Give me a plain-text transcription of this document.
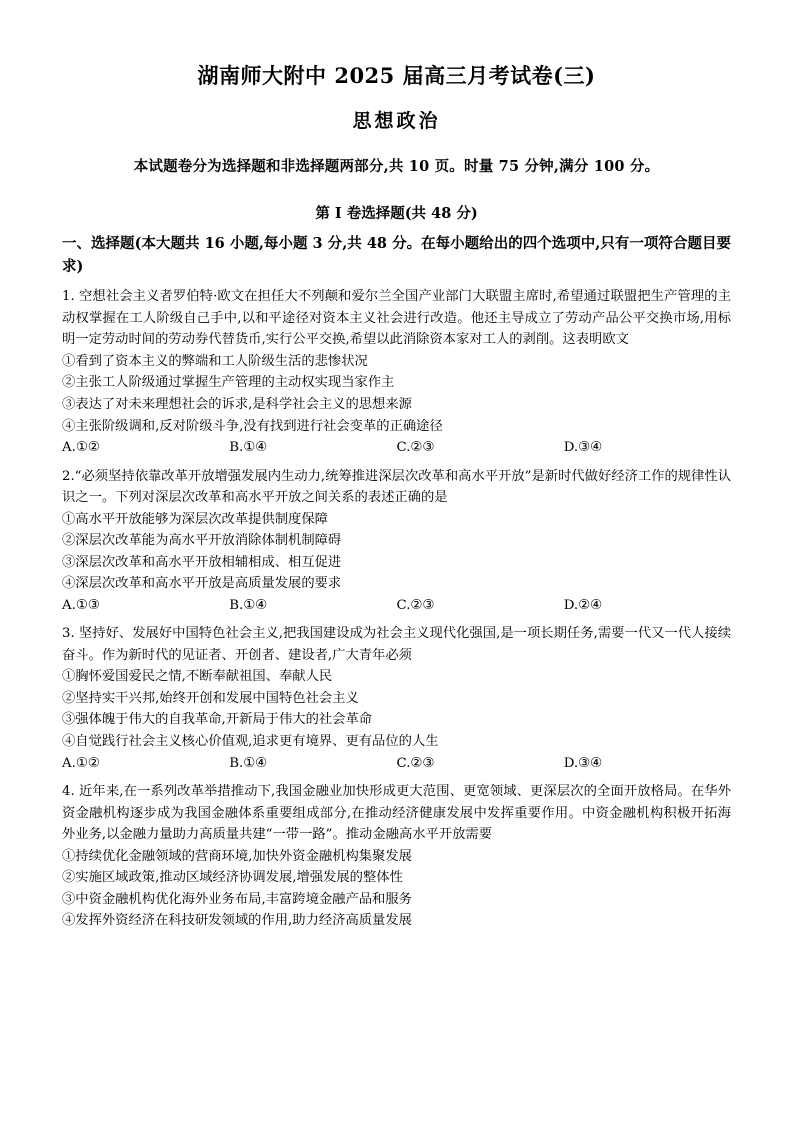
湖南师大附中 2025 届高三月考试卷(三)
思想政治
本试题卷分为选择题和非选择题两部分,共 10 页。时量 75 分钟,满分 100 分。
第 I 卷选择题(共 48 分)
一、选择题(本大题共 16 小题,每小题 3 分,共 48 分。在每小题给出的四个选项中,只有一项符合题目要求)
1. 空想社会主义者罗伯特·欧文在担任大不列颠和爱尔兰全国产业部门大联盟主席时,希望通过联盟把生产管理的主动权掌握在工人阶级自己手中,以和平途径对资本主义社会进行改造。他还主导成立了劳动产品公平交换市场,用标明一定劳动时间的劳动券代替货币,实行公平交换,希望以此消除资本家对工人的剥削。这表明欧文
①看到了资本主义的弊端和工人阶级生活的悲惨状况
②主张工人阶级通过掌握生产管理的主动权实现当家作主
③表达了对未来理想社会的诉求,是科学社会主义的思想来源
④主张阶级调和,反对阶级斗争,没有找到进行社会变革的正确途径
A.①②	B.①④	C.②③	D.③④
2.“必须坚持依靠改革开放增强发展内生动力,统筹推进深层次改革和高水平开放”是新时代做好经济工作的规律性认识之一。下列对深层次改革和高水平开放之间关系的表述正确的是
①高水平开放能够为深层次改革提供制度保障
②深层次改革能为高水平开放消除体制机制障碍
③深层次改革和高水平开放相辅相成、相互促进
④深层次改革和高水平开放是高质量发展的要求
A.①③	B.①④	C.②③	D.②④
3. 坚持好、发展好中国特色社会主义,把我国建设成为社会主义现代化强国,是一项长期任务,需要一代又一代人接续奋斗。作为新时代的见证者、开创者、建设者,广大青年必须
①胸怀爱国爱民之情,不断奉献祖国、奉献人民
②坚持实干兴邦,始终开创和发展中国特色社会主义
③强体魄于伟大的自我革命,开新局于伟大的社会革命
④自觉践行社会主义核心价值观,追求更有境界、更有品位的人生
A.①②	B.①④	C.②③	D.③④
4. 近年来,在一系列改革举措推动下,我国金融业加快形成更大范围、更宽领域、更深层次的全面开放格局。在华外资金融机构逐步成为我国金融体系重要组成部分,在推动经济健康发展中发挥重要作用。中资金融机构积极开拓海外业务,以金融力量助力高质量共建“一带一路”。推动金融高水平开放需要
①持续优化金融领域的营商环境,加快外资金融机构集聚发展
②实施区域政策,推动区域经济协调发展,增强发展的整体性
③中资金融机构优化海外业务布局,丰富跨境金融产品和服务
④发挥外资经济在科技研发领域的作用,助力经济高质量发展
